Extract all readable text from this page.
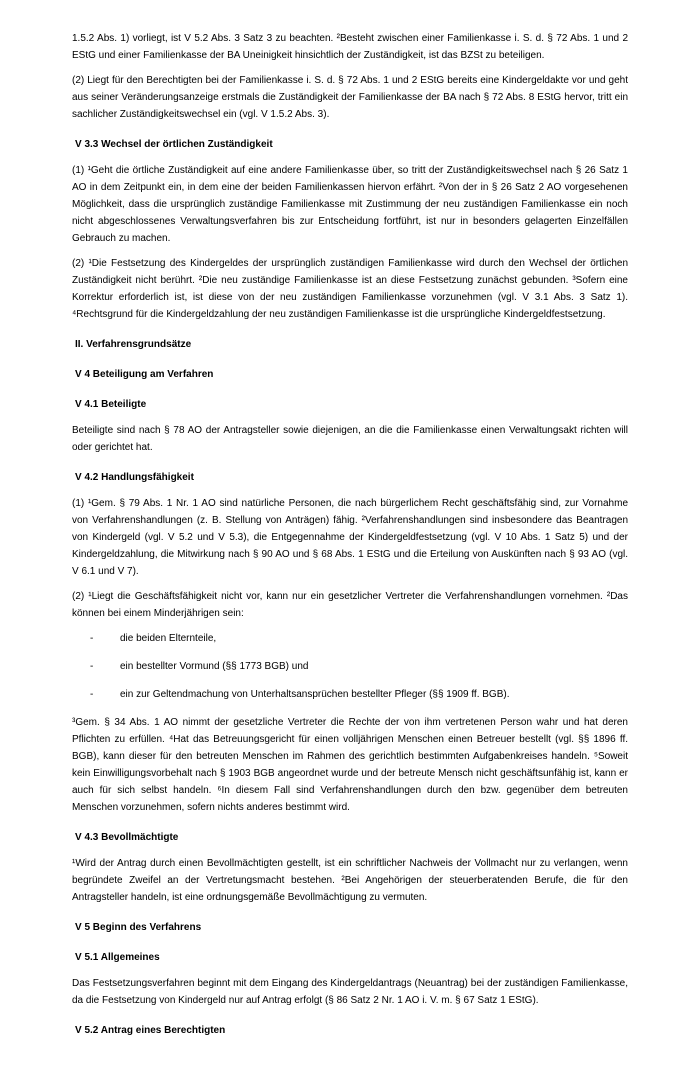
1.5.2 Abs. 1) vorliegt, ist V 5.2 Abs. 3 Satz 3 zu beachten. ²Besteht zwischen einer Familienkasse i. S. d. § 72 Abs. 1 und 2 EStG und einer Familienkasse der BA Uneinigkeit hinsichtlich der Zuständigkeit, ist das BZSt zu beteiligen.

(2) Liegt für den Berechtigten bei der Familienkasse i. S. d. § 72 Abs. 1 und 2 EStG bereits eine Kindergeldakte vor und geht aus seiner Veränderungsanzeige erstmals die Zuständigkeit der Familienkasse der BA nach § 72 Abs. 8 EStG hervor, tritt ein sachlicher Zuständigkeitswechsel ein (vgl. V 1.5.2 Abs. 3).

V 3.3 Wechsel der örtlichen Zuständigkeit

(1) ¹Geht die örtliche Zuständigkeit auf eine andere Familienkasse über, so tritt der Zuständigkeitswechsel nach § 26 Satz 1 AO in dem Zeitpunkt ein, in dem eine der beiden Familienkassen hiervon erfährt. ²Von der in § 26 Satz 2 AO vorgesehenen Möglichkeit, dass die ursprünglich zuständige Familienkasse mit Zustimmung der neu zuständigen Familienkasse ein noch nicht abgeschlossenes Verwaltungsverfahren bis zur Entscheidung fortführt, ist nur in besonders gelagerten Einzelfällen Gebrauch zu machen.

(2) ¹Die Festsetzung des Kindergeldes der ursprünglich zuständigen Familienkasse wird durch den Wechsel der örtlichen Zuständigkeit nicht berührt. ²Die neu zuständige Familienkasse ist an diese Festsetzung zunächst gebunden. ³Sofern eine Korrektur erforderlich ist, ist diese von der neu zuständigen Familienkasse vorzunehmen (vgl. V 3.1 Abs. 3 Satz 1). ⁴Rechtsgrund für die Kindergeldzahlung der neu zuständigen Familienkasse ist die ursprüngliche Kindergeldfestsetzung.

II. Verfahrensgrundsätze
V 4 Beteiligung am Verfahren
V 4.1 Beteiligte

Beteiligte sind nach § 78 AO der Antragsteller sowie diejenigen, an die die Familienkasse einen Verwaltungsakt richten will oder gerichtet hat.

V 4.2 Handlungsfähigkeit

(1) ¹Gem. § 79 Abs. 1 Nr. 1 AO sind natürliche Personen, die nach bürgerlichem Recht geschäftsfähig sind, zur Vornahme von Verfahrenshandlungen (z. B. Stellung von Anträgen) fähig. ²Verfahrenshandlungen sind insbesondere das Beantragen von Kindergeld (vgl. V 5.2 und V 5.3), die Entgegennahme der Kindergeldfestsetzung (vgl. V 10 Abs. 1 Satz 5) und der Kindergeldzahlung, die Mitwirkung nach § 90 AO und § 68 Abs. 1 EStG und die Erteilung von Auskünften nach § 93 AO (vgl. V 6.1 und V 7).

(2) ¹Liegt die Geschäftsfähigkeit nicht vor, kann nur ein gesetzlicher Vertreter die Verfahrenshandlungen vornehmen. ²Das können bei einem Minderjährigen sein:

-	die beiden Elternteile,
-	ein bestellter Vormund (§§ 1773 BGB) und
-	ein zur Geltendmachung von Unterhaltsansprüchen bestellter Pfleger (§§ 1909 ff. BGB).

³Gem. § 34 Abs. 1 AO nimmt der gesetzliche Vertreter die Rechte der von ihm vertretenen Person wahr und hat deren Pflichten zu erfüllen. ⁴Hat das Betreuungsgericht für einen volljährigen Menschen einen Betreuer bestellt (vgl. §§ 1896 ff. BGB), kann dieser für den betreuten Menschen im Rahmen des gerichtlich bestimmten Aufgabenkreises handeln. ⁵Soweit kein Einwilligungsvorbehalt nach § 1903 BGB angeordnet wurde und der betreute Mensch nicht geschäftsunfähig ist, kann er auch für sich selbst handeln. ⁶In diesem Fall sind Verfahrenshandlungen durch den bzw. gegenüber dem betreuten Menschen vorzunehmen, sofern nichts anderes bestimmt wird.

V 4.3 Bevollmächtigte

¹Wird der Antrag durch einen Bevollmächtigten gestellt, ist ein schriftlicher Nachweis der Vollmacht nur zu verlangen, wenn begründete Zweifel an der Vertretungsmacht bestehen. ²Bei Angehörigen der steuerberatenden Berufe, die für den Antragsteller handeln, ist eine ordnungsgemäße Bevollmächtigung zu vermuten.

V 5 Beginn des Verfahrens
V 5.1 Allgemeines

Das Festsetzungsverfahren beginnt mit dem Eingang des Kindergeldantrags (Neuantrag) bei der zuständigen Familienkasse, da die Festsetzung von Kindergeld nur auf Antrag erfolgt (§ 86 Satz 2 Nr. 1 AO i. V. m. § 67 Satz 1 EStG).

V 5.2 Antrag eines Berechtigten
